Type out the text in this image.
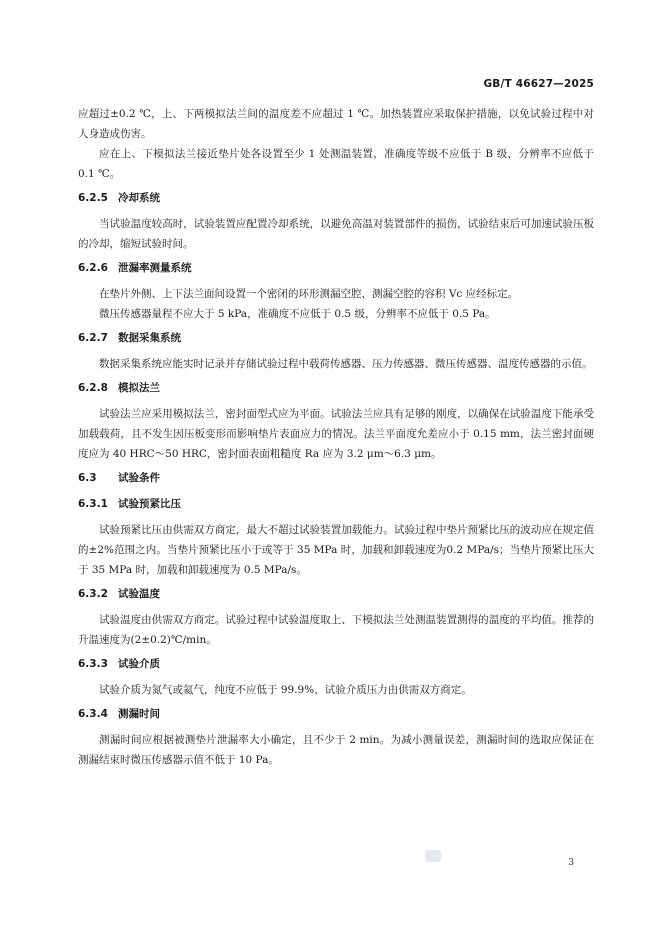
GB/T 46627—2025

应超过±0.2 ℃，上、下两模拟法兰间的温度差不应超过 1 ℃。加热装置应采取保护措施，以免试验过程中对人身造成伤害。

应在上、下模拟法兰接近垫片处各设置至少 1 处测温装置，准确度等级不应低于 B 级，分辨率不应低于 0.1 ℃。

6.2.5 冷却系统

当试验温度较高时，试验装置应配置冷却系统，以避免高温对装置部件的损伤，试验结束后可加速试验压板的冷却，缩短试验时间。

6.2.6 泄漏率测量系统

在垫片外侧、上下法兰面间设置一个密闭的环形测漏空腔，测漏空腔的容积 Vc 应经标定。

微压传感器量程不应大于 5 kPa，准确度不应低于 0.5 级，分辨率不应低于 0.5 Pa。

6.2.7 数据采集系统

数据采集系统应能实时记录并存储试验过程中载荷传感器、压力传感器、微压传感器、温度传感器的示值。

6.2.8 模拟法兰

试验法兰应采用模拟法兰，密封面型式应为平面。试验法兰应具有足够的刚度，以确保在试验温度下能承受加载载荷，且不发生因压板变形而影响垫片表面应力的情况。法兰平面度允差应小于 0.15 mm，法兰密封面硬度应为 40 HRC～50 HRC，密封面表面粗糙度 Ra 应为 3.2 μm～6.3 μm。

6.3	试验条件
6.3.1 试验预紧比压

试验预紧比压由供需双方商定，最大不超过试验装置加载能力。试验过程中垫片预紧比压的波动应在规定值的±2%范围之内。当垫片预紧比压小于或等于 35 MPa 时，加载和卸载速度为0.2 MPa/s；当垫片预紧比压大于 35 MPa 时，加载和卸载速度为 0.5 MPa/s。

6.3.2 试验温度

试验温度由供需双方商定。试验过程中试验温度取上、下模拟法兰处测温装置测得的温度的平均值。推荐的升温速度为(2±0.2)℃/min。

6.3.3 试验介质

试验介质为氮气或氦气，纯度不应低于 99.9%，试验介质压力由供需双方商定。

6.3.4 测漏时间

测漏时间应根据被测垫片泄漏率大小确定，且不少于 2 min。为减小测量误差，测漏时间的选取应保证在测漏结束时微压传感器示值不低于 10 Pa。

3
